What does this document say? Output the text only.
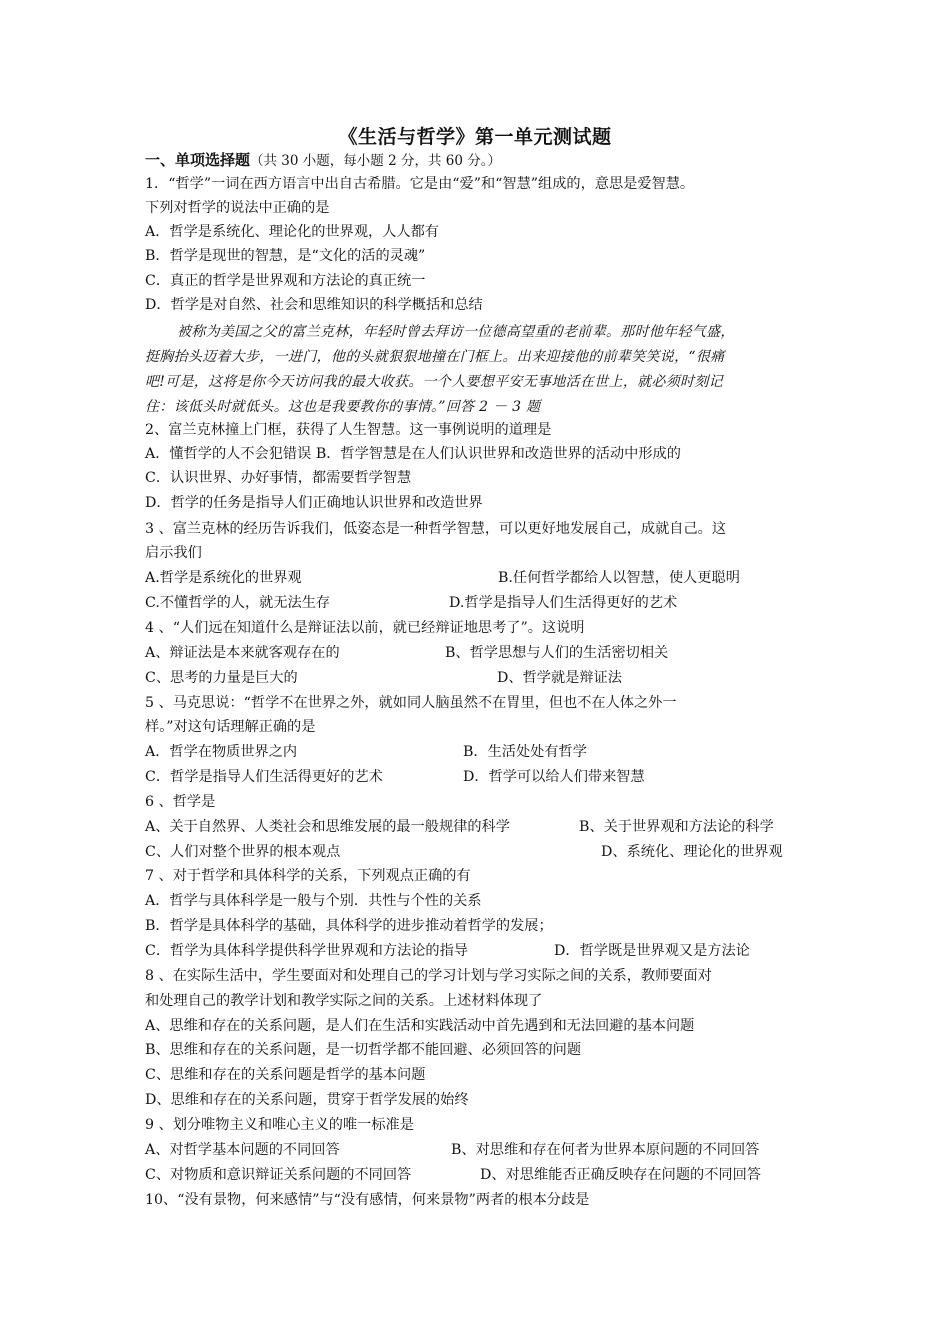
《生活与哲学》第一单元测试题
一、单项选择题（共 30 小题，每小题 2 分，共 60 分。）
1．“哲学”一词在西方语言中出自古希腊。它是由“爱”和“智慧”组成的，意思是爱智慧。
下列对哲学的说法中正确的是
A．哲学是系统化、理论化的世界观，人人都有
B．哲学是现世的智慧，是“文化的活的灵魂”
C．真正的哲学是世界观和方法论的真正统一
D．哲学是对自然、社会和思维知识的科学概括和总结
被称为美国之父的富兰克林，年轻时曾去拜访一位德高望重的老前辈。那时他年轻气盛，
挺胸抬头迈着大步，一进门，他的头就狠狠地撞在门框上。出来迎接他的前辈笑笑说，“很痛
吧!可是，这将是你今天访问我的最大收获。一个人要想平安无事地活在世上，就必须时刻记
住：该低头时就低头。这也是我要教你的事情。”回答 2 － 3 题
2、富兰克林撞上门框，获得了人生智慧。这一事例说明的道理是
A．懂哲学的人不会犯错误 B．哲学智慧是在人们认识世界和改造世界的活动中形成的
C．认识世界、办好事情，都需要哲学智慧
D．哲学的任务是指导人们正确地认识世界和改造世界
3 、富兰克林的经历告诉我们，低姿态是一种哲学智慧，可以更好地发展自己，成就自己。这
启示我们
A.哲学是系统化的世界观	B.任何哲学都给人以智慧，使人更聪明
C.不懂哲学的人，就无法生存	D.哲学是指导人们生活得更好的艺术
4 、“人们远在知道什么是辩证法以前，就已经辩证地思考了”。这说明
A、辩证法是本来就客观存在的	B、哲学思想与人们的生活密切相关
C、思考的力量是巨大的	D、哲学就是辩证法
5 、马克思说：“哲学不在世界之外，就如同人脑虽然不在胃里，但也不在人体之外一
样。”对这句话理解正确的是
A．哲学在物质世界之内	B．生活处处有哲学
C．哲学是指导人们生活得更好的艺术	D．哲学可以给人们带来智慧
6 、哲学是
A、关于自然界、人类社会和思维发展的最一般规律的科学	B、关于世界观和方法论的科学
C、人们对整个世界的根本观点	D、系统化、理论化的世界观
7 、对于哲学和具体科学的关系，下列观点正确的有
A．哲学与具体科学是一般与个别．共性与个性的关系
B．哲学是具体科学的基础，具体科学的进步推动着哲学的发展；
C．哲学为具体科学提供科学世界观和方法论的指导	D．哲学既是世界观又是方法论
8 、在实际生活中，学生要面对和处理自己的学习计划与学习实际之间的关系，教师要面对
和处理自己的教学计划和教学实际之间的关系。上述材料体现了
A、思维和存在的关系问题，是人们在生活和实践活动中首先遇到和无法回避的基本问题
B、思维和存在的关系问题，是一切哲学都不能回避、必须回答的问题
C、思维和存在的关系问题是哲学的基本问题
D、思维和存在的关系问题，贯穿于哲学发展的始终
9 、划分唯物主义和唯心主义的唯一标准是
A、对哲学基本问题的不同回答	B、对思维和存在何者为世界本原问题的不同回答
C、对物质和意识辩证关系问题的不同回答	D、对思维能否正确反映存在问题的不同回答
10、“没有景物，何来感情”与“没有感情，何来景物”两者的根本分歧是
